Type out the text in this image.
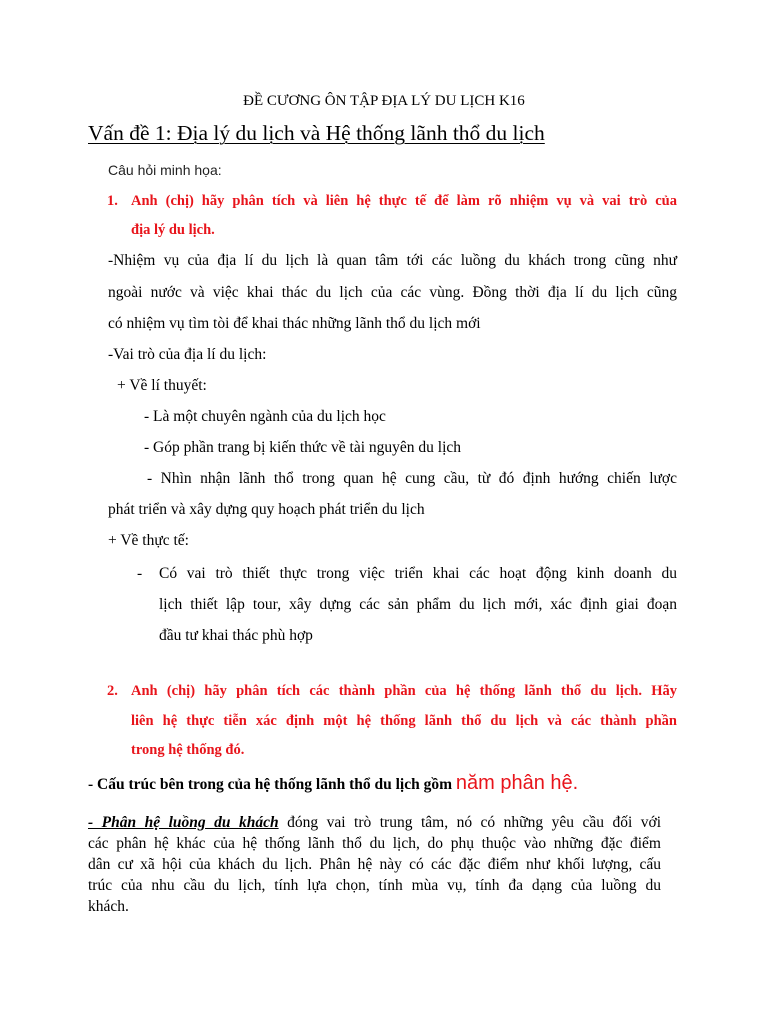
ĐỀ CƯƠNG ÔN TẬP ĐỊA LÝ DU LỊCH K16
Vấn đề 1: Địa lý du lịch và Hệ thống lãnh thổ du lịch
Câu hỏi minh họa:
1. Anh (chị) hãy phân tích và liên hệ thực tế để làm rõ nhiệm vụ và vai trò của
địa lý du lịch.
-Nhiệm vụ của địa lí du lịch là quan tâm tới các luồng du khách trong cũng như
ngoài nước và việc khai thác du lịch của các vùng. Đồng thời địa lí du lịch cũng
có nhiệm vụ tìm tòi để khai thác những lãnh thổ du lịch mới
-Vai trò của địa lí du lịch:
+ Về lí thuyết:
- Là một chuyên ngành của du lịch học
- Góp phần trang bị kiến thức về tài nguyên du lịch
- Nhìn nhận lãnh thổ trong quan hệ cung cầu, từ đó định hướng chiến lược
phát triển và xây dựng quy hoạch phát triển du lịch
+ Về thực tế:
- Có vai trò thiết thực trong việc triển khai các hoạt động kinh doanh du
lịch thiết lập tour, xây dựng các sản phẩm du lịch mới, xác định giai đoạn
đầu tư khai thác phù hợp
2. Anh (chị) hãy phân tích các thành phần của hệ thống lãnh thổ du lịch. Hãy
liên hệ thực tiễn xác định một hệ thống lãnh thổ du lịch và các thành phần
trong hệ thống đó.
- Cấu trúc bên trong của hệ thống lãnh thổ du lịch gồm năm phân hệ.
- Phân hệ luồng du khách đóng vai trò trung tâm, nó có những yêu cầu đối với
các phân hệ khác của hệ thống lãnh thổ du lịch, do phụ thuộc vào những đặc điểm
dân cư xã hội của khách du lịch. Phân hệ này có các đặc điểm như khối lượng, cấu
trúc của nhu cầu du lịch, tính lựa chọn, tính mùa vụ, tính đa dạng của luồng du
khách.
